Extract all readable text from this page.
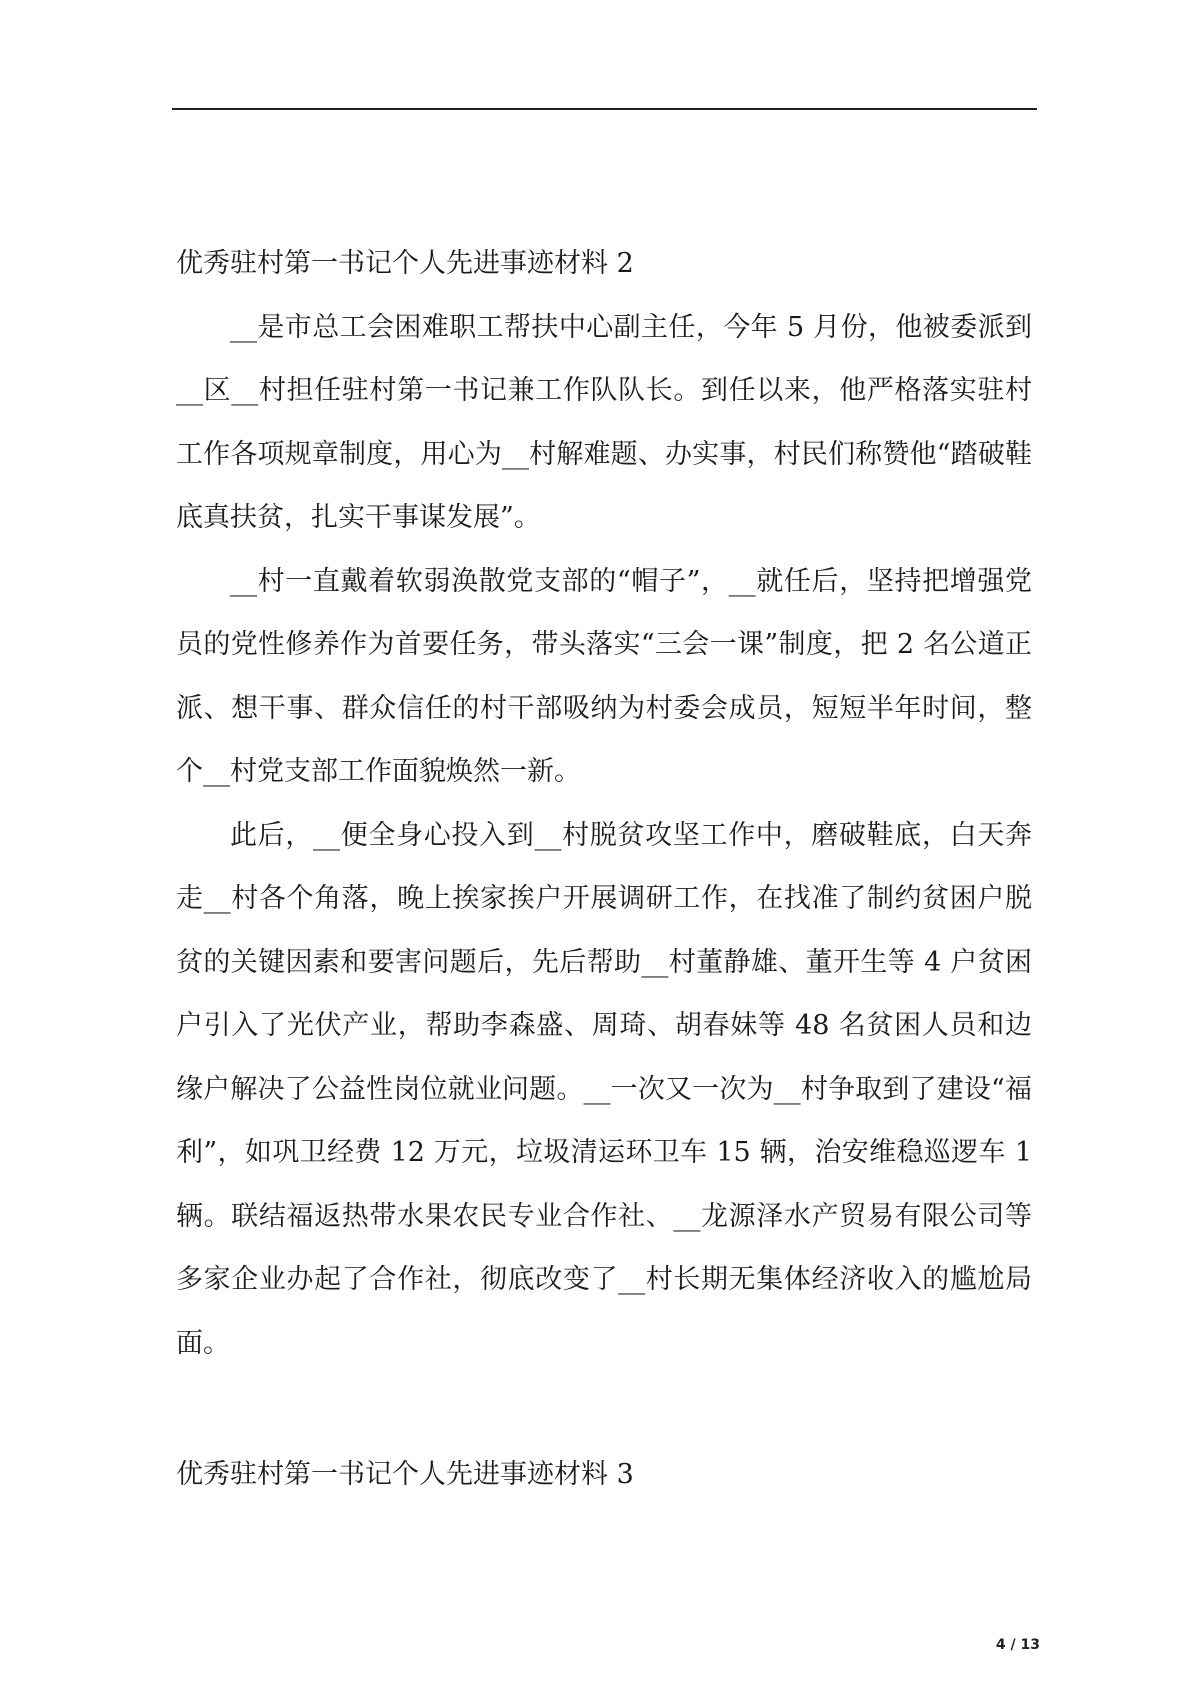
优秀驻村第一书记个人先进事迹材料 2

__是市总工会困难职工帮扶中心副主任，今年 5 月份，他被委派到__区__村担任驻村第一书记兼工作队队长。到任以来，他严格落实驻村工作各项规章制度，用心为__村解难题、办实事，村民们称赞他“踏破鞋底真扶贫，扎实干事谋发展”。

__村一直戴着软弱涣散党支部的“帽子”，__就任后，坚持把增强党员的党性修养作为首要任务，带头落实“三会一课”制度，把 2 名公道正派、想干事、群众信任的村干部吸纳为村委会成员，短短半年时间，整个__村党支部工作面貌焕然一新。

此后，__便全身心投入到__村脱贫攻坚工作中，磨破鞋底，白天奔走__村各个角落，晚上挨家挨户开展调研工作，在找准了制约贫困户脱贫的关键因素和要害问题后，先后帮助__村董静雄、董开生等 4 户贫困户引入了光伏产业，帮助李森盛、周琦、胡春妹等 48 名贫困人员和边缘户解决了公益性岗位就业问题。__一次又一次为__村争取到了建设“福利”，如巩卫经费 12 万元，垃圾清运环卫车 15 辆，治安维稳巡逻车 1 辆。联结福返热带水果农民专业合作社、__龙源泽水产贸易有限公司等多家企业办起了合作社，彻底改变了__村长期无集体经济收入的尴尬局面。

优秀驻村第一书记个人先进事迹材料 3
4 / 13
